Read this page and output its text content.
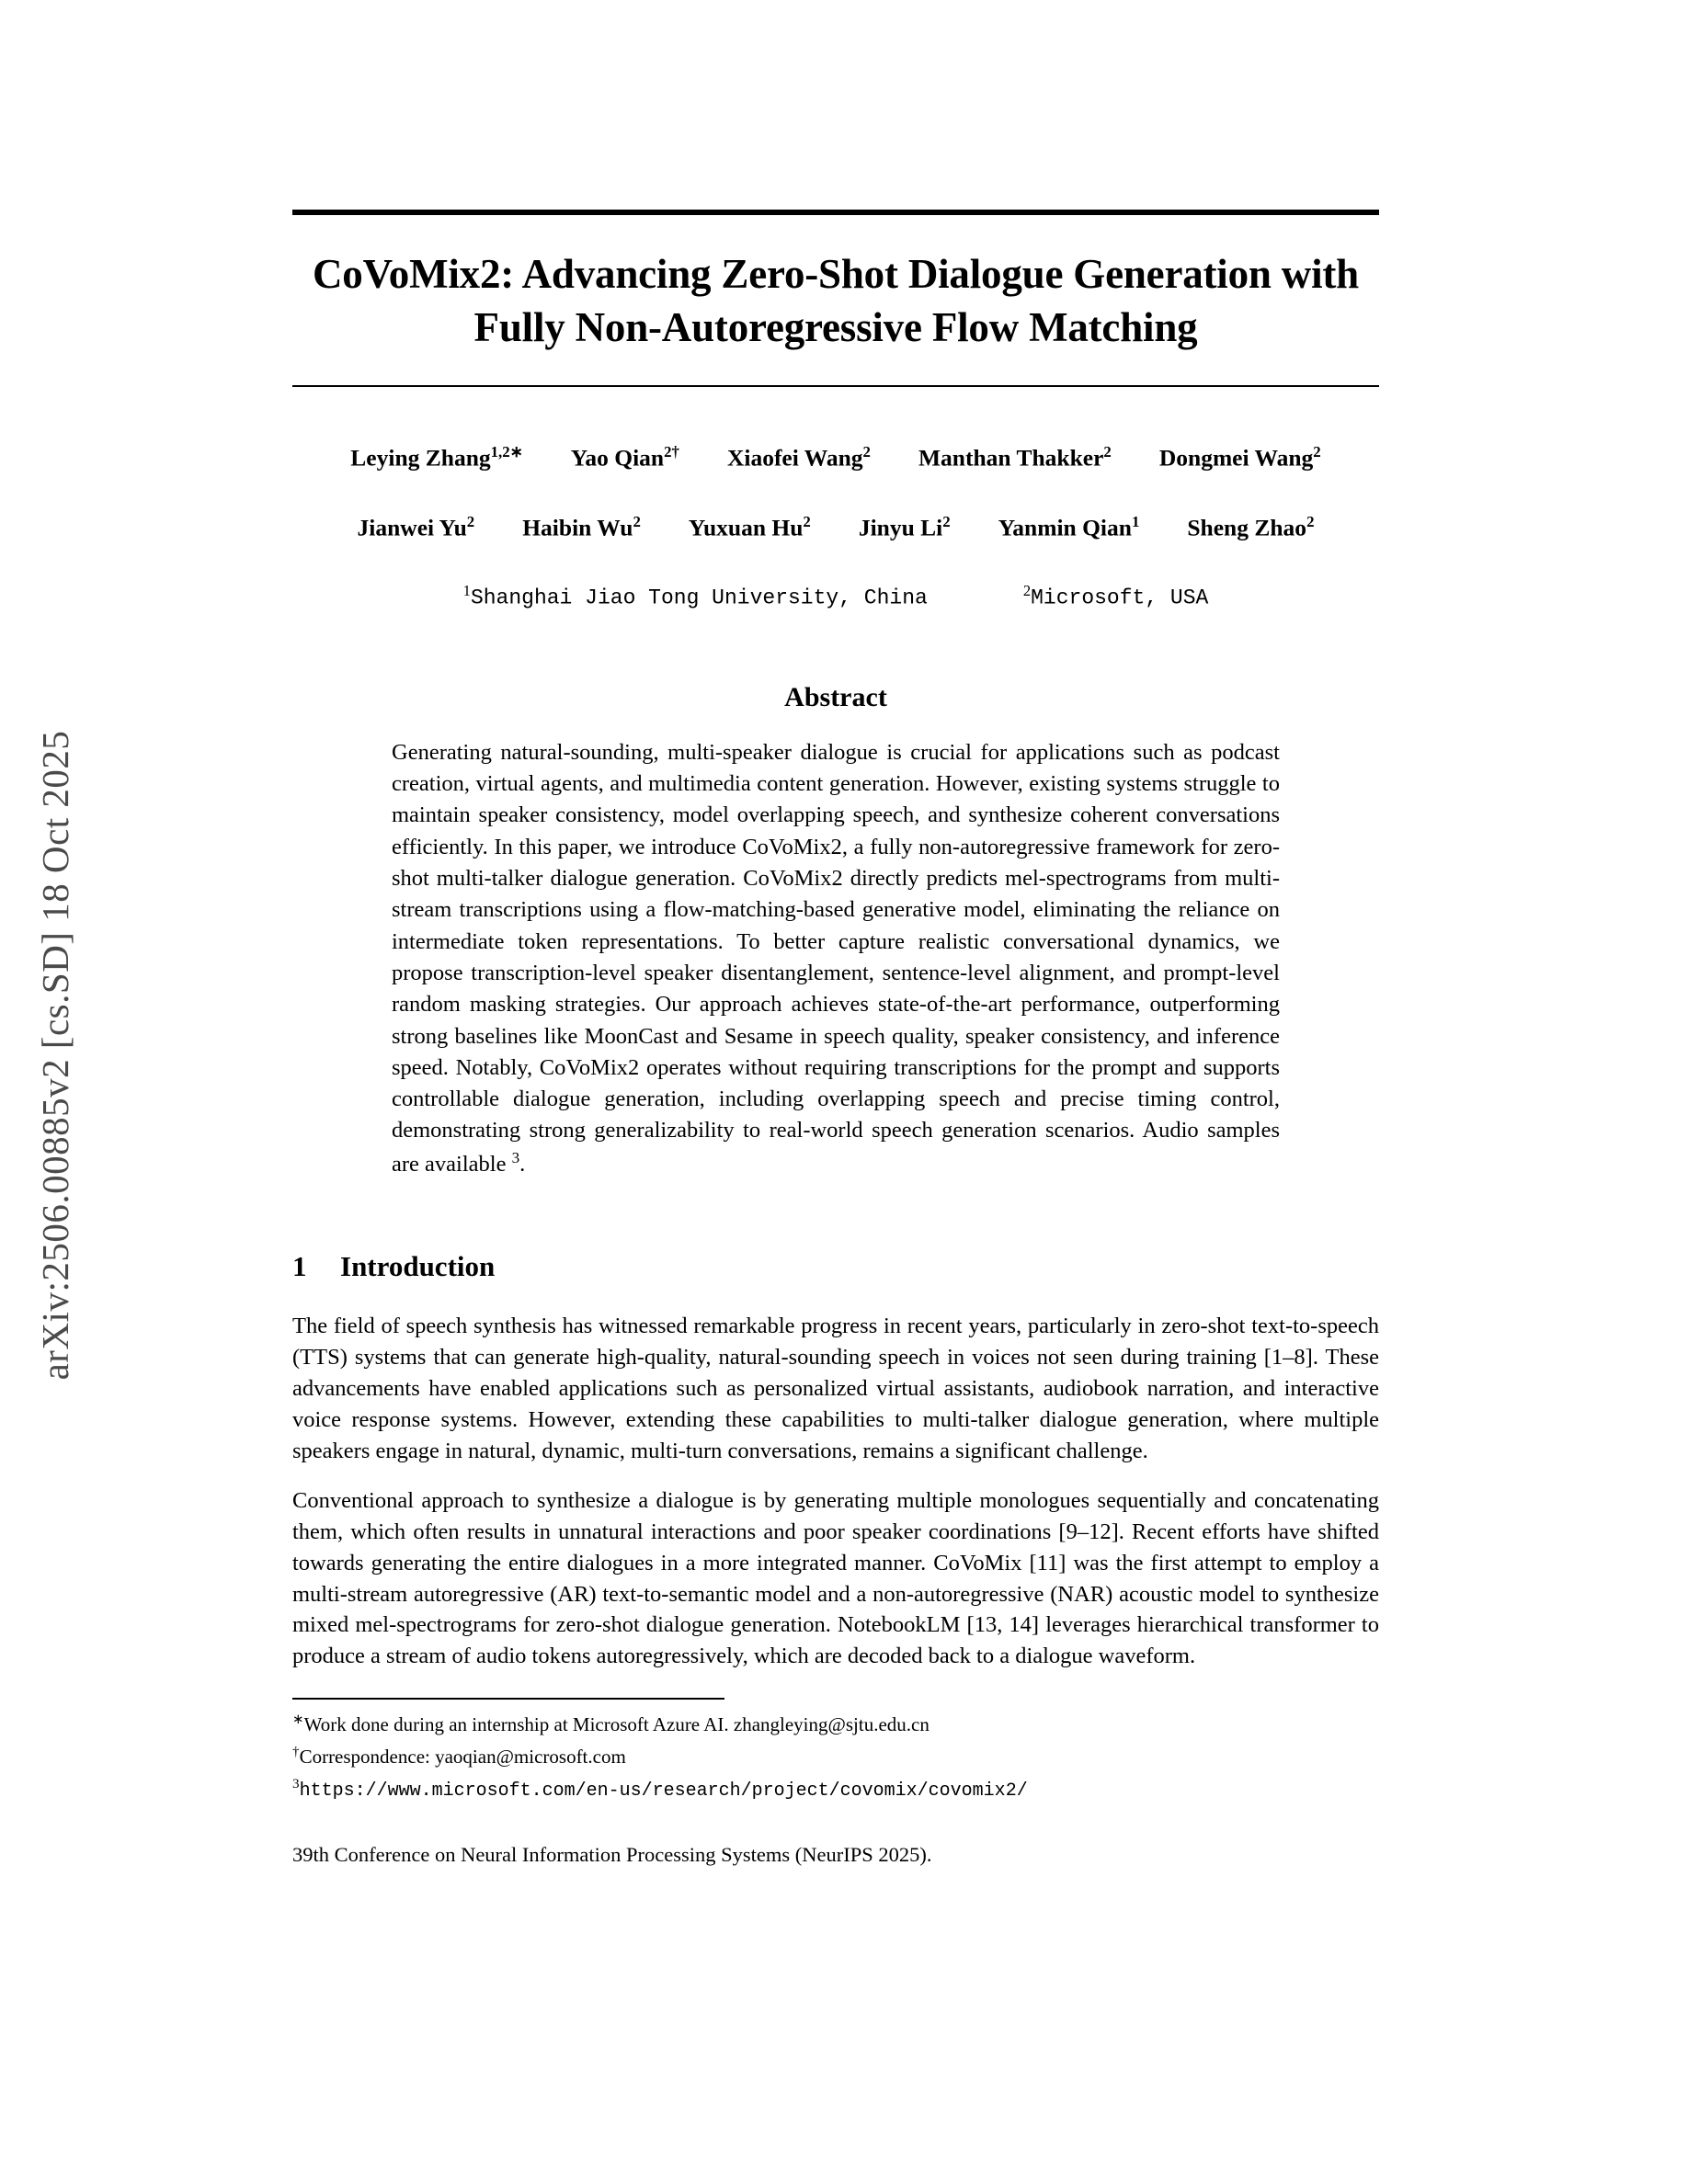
arXiv:2506.00885v2 [cs.SD] 18 Oct 2025
CoVoMix2: Advancing Zero-Shot Dialogue Generation with Fully Non-Autoregressive Flow Matching
Leying Zhang$^{1,2∗}$	Yao Qian$^{2\dagger}$	Xiaofei Wang$^2$	Manthan Thakker$^2$	Dongmei Wang$^2$
Jianwei Yu$^2$	Haibin Wu$^2$	Yuxuan Hu$^2$	Jinyu Li$^2$	Yanmin Qian$^1$	Sheng Zhao$^2$
$^1$Shanghai Jiao Tong University, China	$^2$Microsoft, USA
Abstract
Generating natural-sounding, multi-speaker dialogue is crucial for applications such as podcast creation, virtual agents, and multimedia content generation. However, existing systems struggle to maintain speaker consistency, model overlapping speech, and synthesize coherent conversations efficiently. In this paper, we introduce CoVoMix2, a fully non-autoregressive framework for zero-shot multi-talker dialogue generation. CoVoMix2 directly predicts mel-spectrograms from multi-stream transcriptions using a flow-matching-based generative model, eliminating the reliance on intermediate token representations. To better capture realistic conversational dynamics, we propose transcription-level speaker disentanglement, sentence-level alignment, and prompt-level random masking strategies. Our approach achieves state-of-the-art performance, outperforming strong baselines like MoonCast and Sesame in speech quality, speaker consistency, and inference speed. Notably, CoVoMix2 operates without requiring transcriptions for the prompt and supports controllable dialogue generation, including overlapping speech and precise timing control, demonstrating strong generalizability to real-world speech generation scenarios. Audio samples are available $^3$.
1 Introduction

The field of speech synthesis has witnessed remarkable progress in recent years, particularly in zero-shot text-to-speech (TTS) systems that can generate high-quality, natural-sounding speech in voices not seen during training [1–8]. These advancements have enabled applications such as personalized virtual assistants, audiobook narration, and interactive voice response systems. However, extending these capabilities to multi-talker dialogue generation, where multiple speakers engage in natural, dynamic, multi-turn conversations, remains a significant challenge.

Conventional approach to synthesize a dialogue is by generating multiple monologues sequentially and concatenating them, which often results in unnatural interactions and poor speaker coordinations [9–12]. Recent efforts have shifted towards generating the entire dialogues in a more integrated manner. CoVoMix [11] was the first attempt to employ a multi-stream autoregressive (AR) text-to-semantic model and a non-autoregressive (NAR) acoustic model to synthesize mixed mel-spectrograms for zero-shot dialogue generation. NotebookLM [13, 14] leverages hierarchical transformer to produce a stream of audio tokens autoregressively, which are decoded back to a dialogue waveform.

∗Work done during an internship at Microsoft Azure AI. zhangleying@sjtu.edu.cn
†Correspondence: yaoqian@microsoft.com
$^3$https://www.microsoft.com/en-us/research/project/covomix/covomix2/
39th Conference on Neural Information Processing Systems (NeurIPS 2025).
